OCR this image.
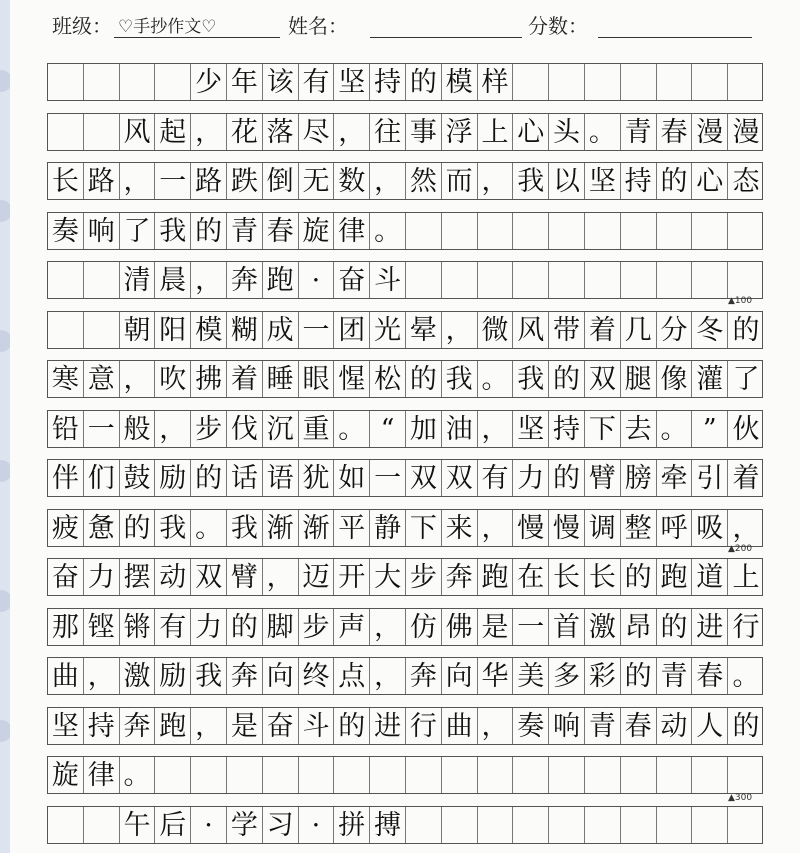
班级： ♡手抄作文♡	姓名：	分数：
少 年 该 有 坚 持 的 模 样
风 起 ， 花 落 尽 ， 往 事 浮 上 心 头 。 青 春 漫 漫
长 路 ， 一 路 跌 倒 无 数 ， 然 而 ， 我 以 坚 持 的 心 态
奏 响 了 我 的 青 春 旋 律 。
清 晨 ， 奔 跑 · 奋 斗
朝 阳 模 糊 成 一 团 光 晕 ， 微 风 带 着 几 分 冬 的
寒 意 ， 吹 拂 着 睡 眼 惺 松 的 我 。 我 的 双 腿 像 灌 了
铅 一 般 ， 步 伐 沉 重 。 “ 加 油 ， 坚 持 下 去 。 ” 伙
伴 们 鼓 励 的 话 语 犹 如 一 双 双 有 力 的 臂 膀 牵 引 着
疲 惫 的 我 。 我 渐 渐 平 静 下 来 ， 慢 慢 调 整 呼 吸 ，
奋 力 摆 动 双 臂 ， 迈 开 大 步 奔 跑 在 长 长 的 跑 道 上
那 铿 锵 有 力 的 脚 步 声 ， 仿 佛 是 一 首 激 昂 的 进 行
曲 ， 激 励 我 奔 向 终 点 ， 奔 向 华 美 多 彩 的 青 春 。
坚 持 奔 跑 ， 是 奋 斗 的 进 行 曲 ， 奏 响 青 春 动 人 的
旋 律 。
午 后 · 学 习 · 拼 搏
▲100
▲200
▲300
